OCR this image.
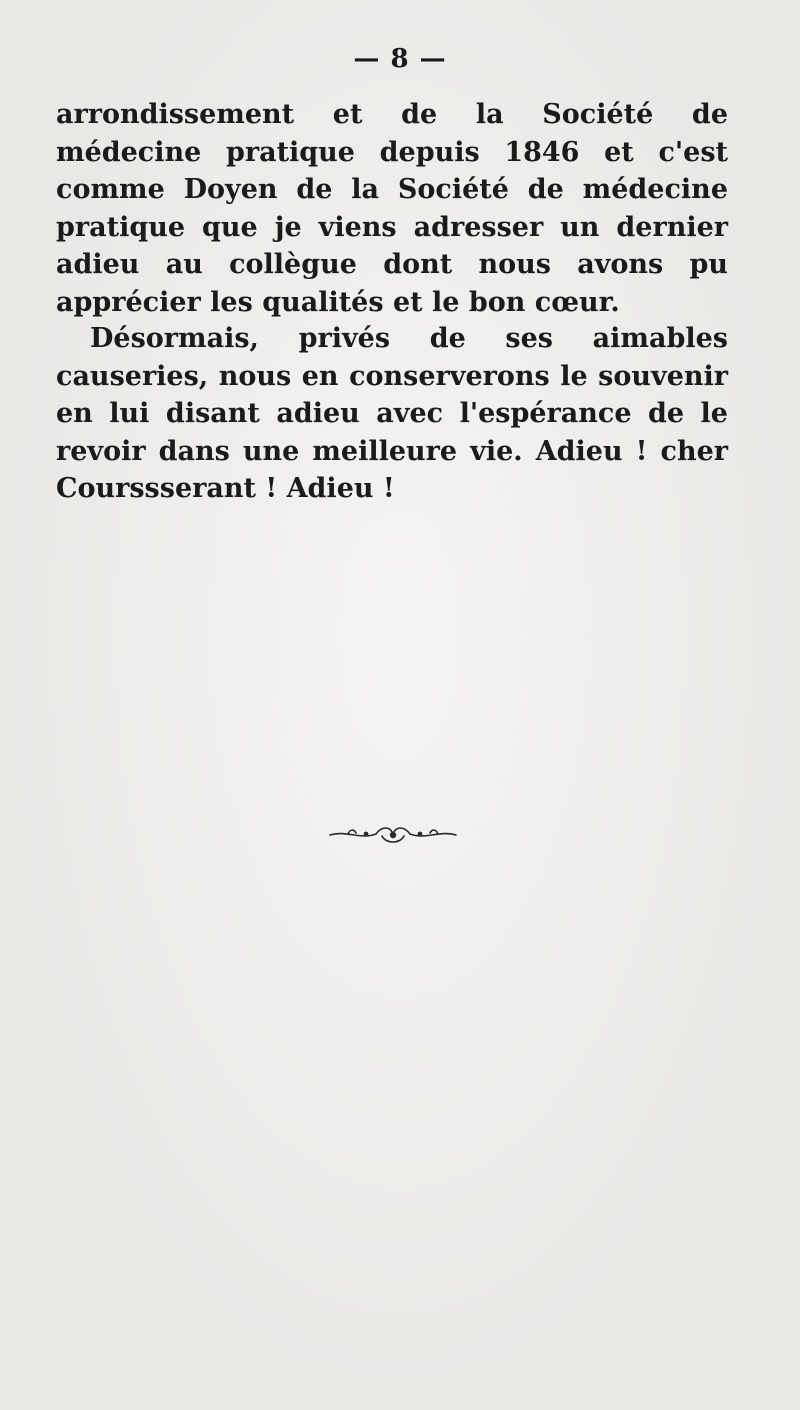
— 8 —

arrondissement et de la Société de médecine pratique depuis 1846 et c'est comme Doyen de la Société de médecine pratique que je viens adresser un dernier adieu au collègue dont nous avons pu apprécier les qualités et le bon cœur.

Désormais, privés de ses aimables causeries, nous en conserverons le souvenir en lui disant adieu avec l'espérance de le revoir dans une meilleure vie. Adieu ! cher Courssserant ! Adieu !
